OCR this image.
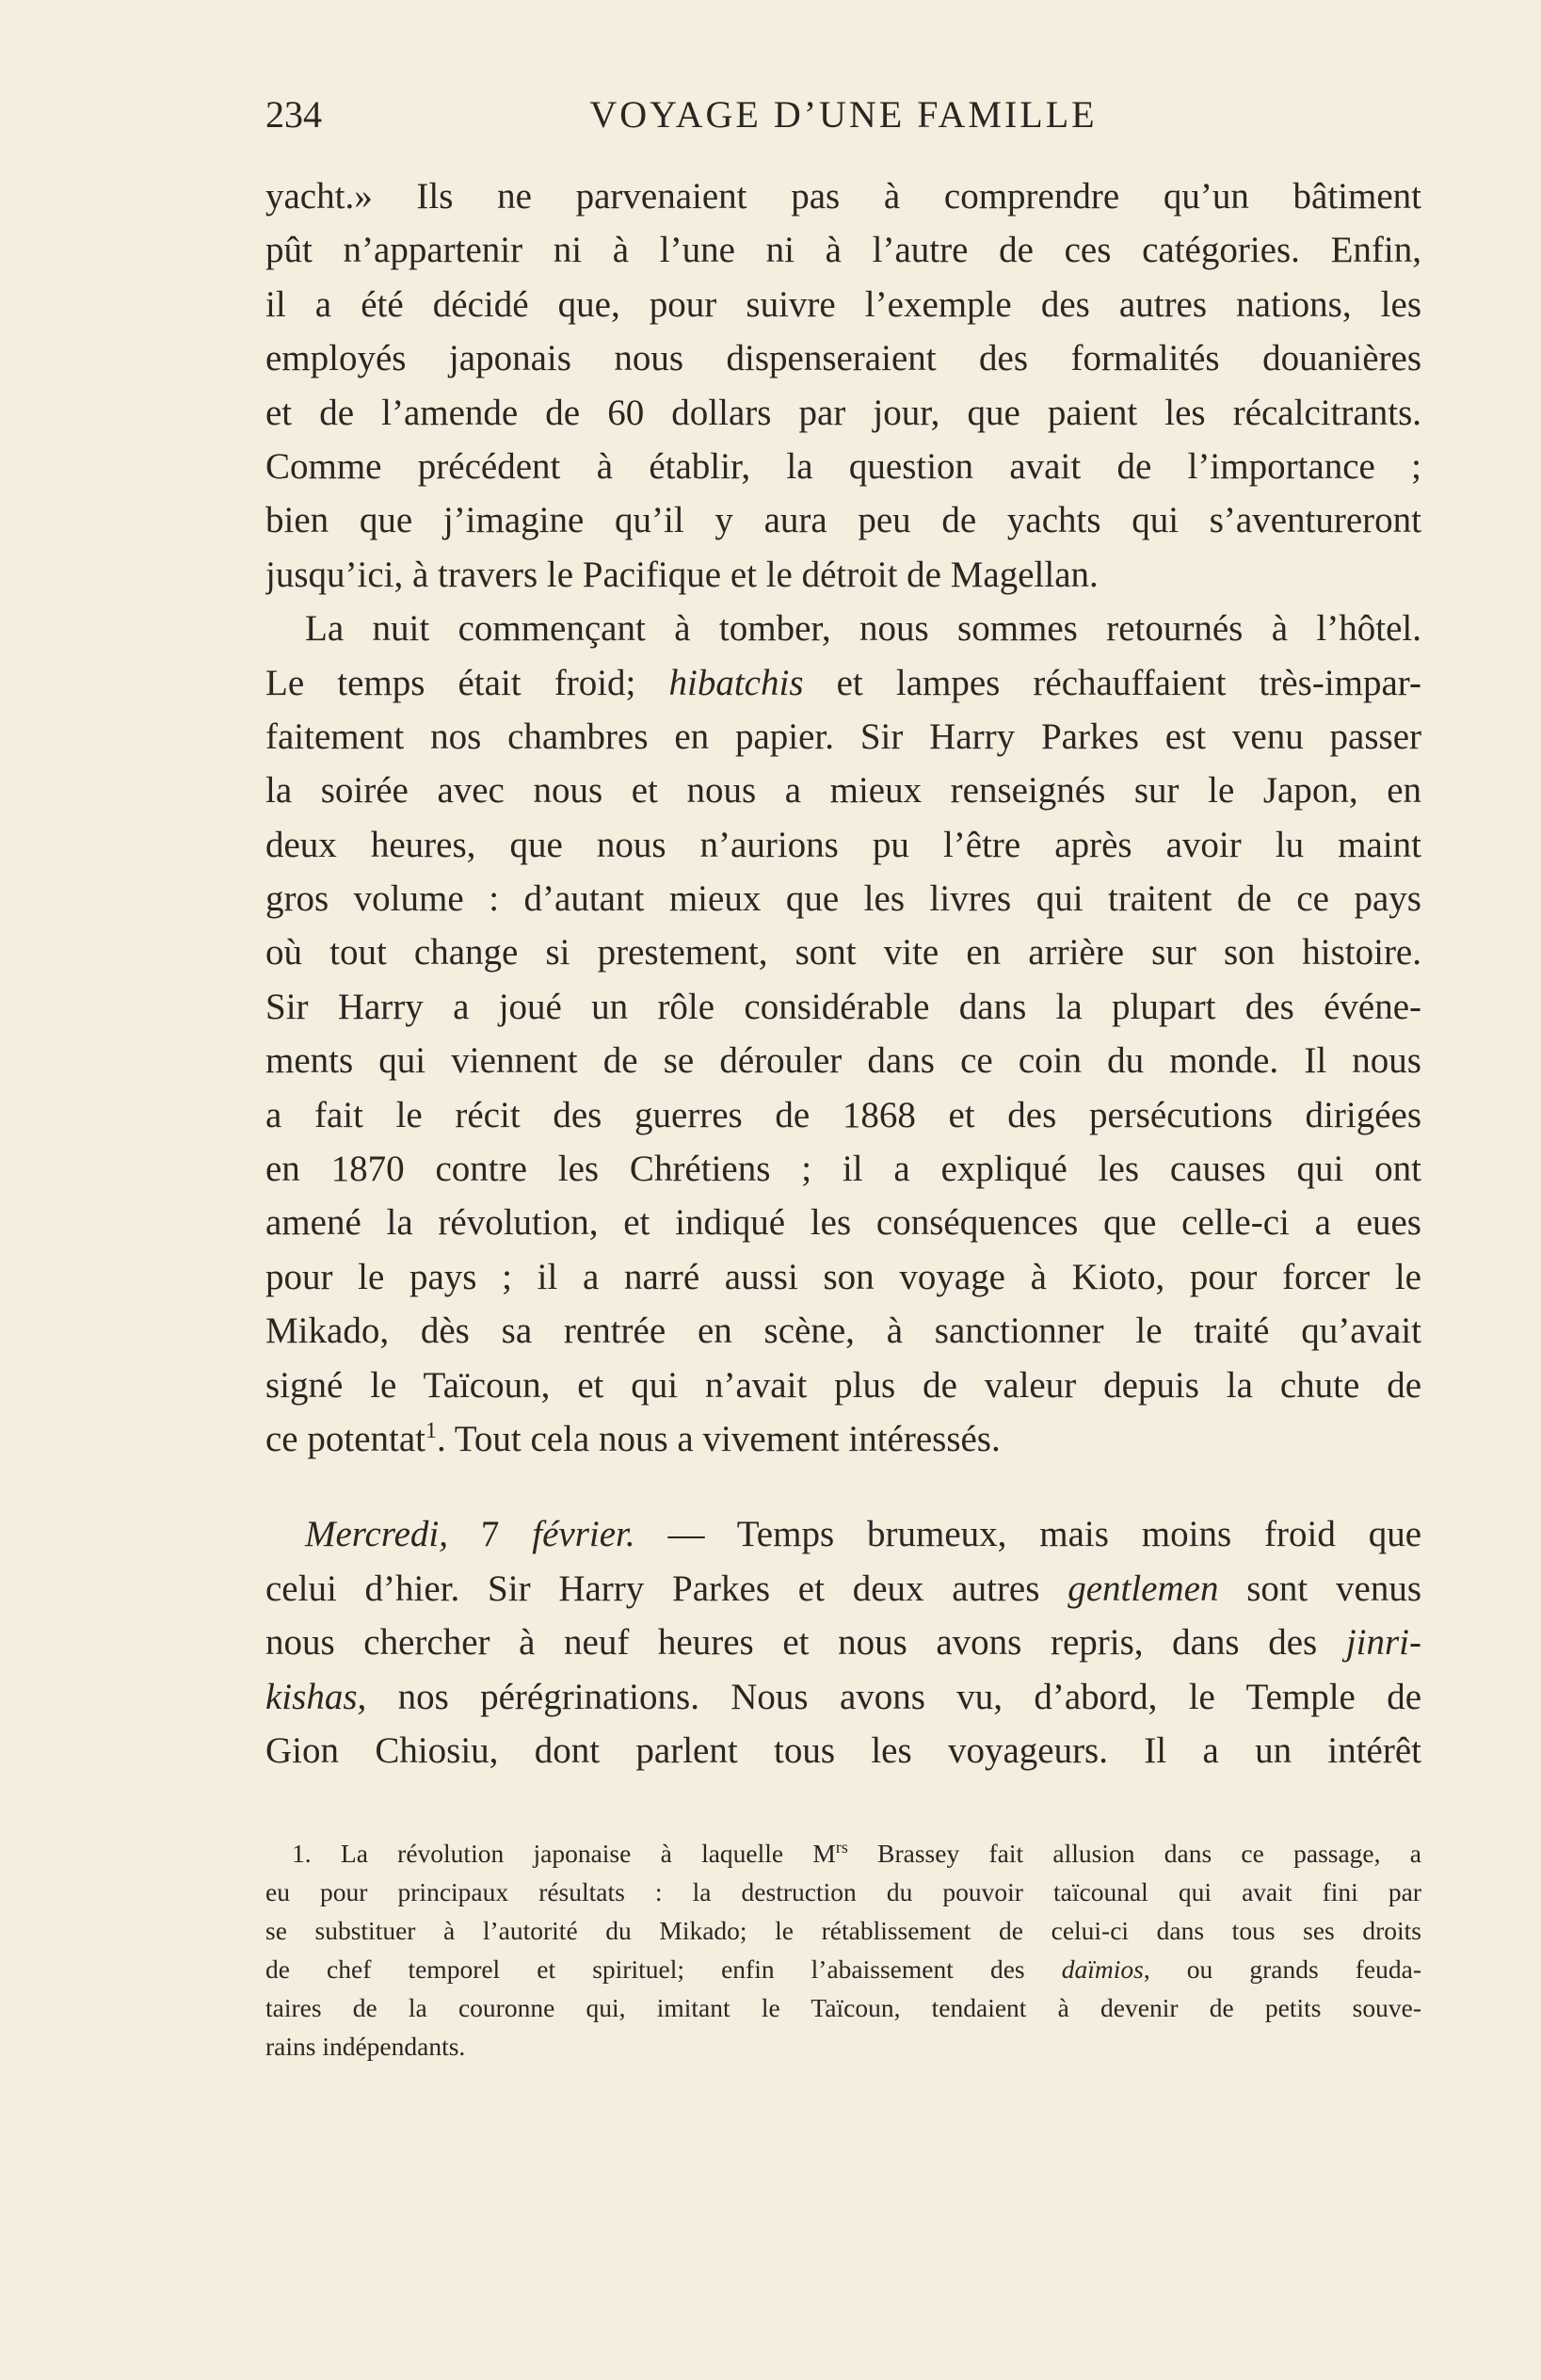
234	VOYAGE D’UNE FAMILLE
yacht.» Ils ne parvenaient pas à comprendre qu’un bâtiment
pût n’appartenir ni à l’une ni à l’autre de ces catégories. Enfin,
il a été décidé que, pour suivre l’exemple des autres nations, les
employés japonais nous dispenseraient des formalités douanières
et de l’amende de 60 dollars par jour, que paient les récalcitrants.
Comme précédent à établir, la question avait de l’importance ;
bien que j’imagine qu’il y aura peu de yachts qui s’aventureront
jusqu’ici, à travers le Pacifique et le détroit de Magellan.
La nuit commençant à tomber, nous sommes retournés à l’hôtel.
Le temps était froid; hibatchis et lampes réchauffaient très-impar-
faitement nos chambres en papier. Sir Harry Parkes est venu passer
la soirée avec nous et nous a mieux renseignés sur le Japon, en
deux heures, que nous n’aurions pu l’être après avoir lu maint
gros volume : d’autant mieux que les livres qui traitent de ce pays
où tout change si prestement, sont vite en arrière sur son histoire.
Sir Harry a joué un rôle considérable dans la plupart des événe-
ments qui viennent de se dérouler dans ce coin du monde. Il nous
a fait le récit des guerres de 1868 et des persécutions dirigées
en 1870 contre les Chrétiens ; il a expliqué les causes qui ont
amené la révolution, et indiqué les conséquences que celle-ci a eues
pour le pays ; il a narré aussi son voyage à Kioto, pour forcer le
Mikado, dès sa rentrée en scène, à sanctionner le traité qu’avait
signé le Taïcoun, et qui n’avait plus de valeur depuis la chute de
ce potentat$^1$. Tout cela nous a vivement intéressés.
Mercredi, 7 février. — Temps brumeux, mais moins froid que
celui d’hier. Sir Harry Parkes et deux autres gentlemen sont venus
nous chercher à neuf heures et nous avons repris, dans des jinri-
kishas, nos pérégrinations. Nous avons vu, d’abord, le Temple de
Gion Chiosiu, dont parlent tous les voyageurs. Il a un intérêt
1. La révolution japonaise à laquelle $M^{rs}$ Brassey fait allusion dans ce passage, a
eu pour principaux résultats : la destruction du pouvoir taïcounal qui avait fini par
se substituer à l’autorité du Mikado; le rétablissement de celui-ci dans tous ses droits
de chef temporel et spirituel; enfin l’abaissement des daïmios, ou grands feuda-
taires de la couronne qui, imitant le Taïcoun, tendaient à devenir de petits souve-
rains indépendants.
